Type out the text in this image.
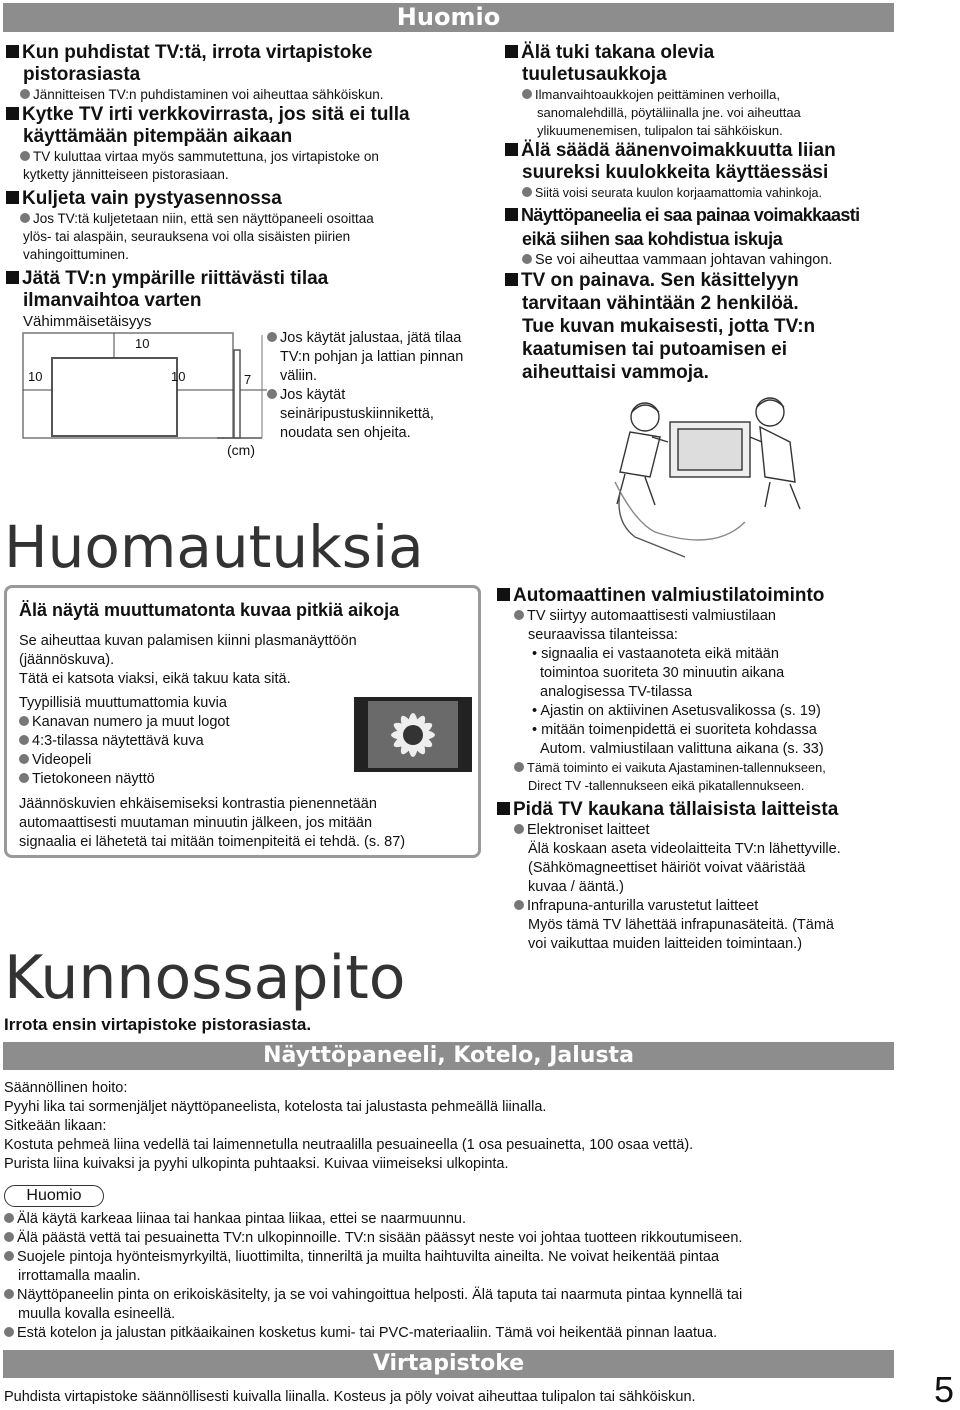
Huomio
Kun puhdistat TV:tä, irrota virtapistoke
pistorasiasta
Jännitteisen TV:n puhdistaminen voi aiheuttaa sähköiskun.
Kytke TV irti verkkovirrasta, jos sitä ei tulla
käyttämään pitempään aikaan
TV kuluttaa virtaa myös sammutettuna, jos virtapistoke on
kytketty jännitteiseen pistorasiaan.
Kuljeta vain pystyasennossa
Jos TV:tä kuljetetaan niin, että sen näyttöpaneeli osoittaa
ylös- tai alaspäin, seurauksena voi olla sisäisten piirien
vahingoittuminen.
Jätä TV:n ympärille riittävästi tilaa
ilmanvaihtoa varten
Vähimmäisetäisyys
10
10	10	7
(cm)
Jos käytät jalustaa, jätä tilaa
TV:n pohjan ja lattian pinnan
väliin.
Jos käytät
seinäripustuskiinnikettä,
noudata sen ohjeita.
Älä tuki takana olevia
tuuletusaukkoja
Ilmanvaihtoaukkojen peittäminen verhoilla,
sanomalehdillä, pöytäliinalla jne. voi aiheuttaa
ylikuumenemisen, tulipalon tai sähköiskun.
Älä säädä äänenvoimakkuutta liian
suureksi kuulokkeita käyttäessäsi
Siitä voisi seurata kuulon korjaamattomia vahinkoja.
Näyttöpaneelia ei saa painaa voimakkaasti
eikä siihen saa kohdistua iskuja
Se voi aiheuttaa vammaan johtavan vahingon.
TV on painava. Sen käsittelyyn
tarvitaan vähintään 2 henkilöä.
Tue kuvan mukaisesti, jotta TV:n
kaatumisen tai putoamisen ei
aiheuttaisi vammoja.
Huomautuksia
Älä näytä muuttumatonta kuvaa pitkiä aikoja
Se aiheuttaa kuvan palamisen kiinni plasmanäyttöön
(jäännöskuva).
Tätä ei katsota viaksi, eikä takuu kata sitä.
Tyypillisiä muuttumattomia kuvia
Kanavan numero ja muut logot
4:3-tilassa näytettävä kuva
Videopeli
Tietokoneen näyttö
Jäännöskuvien ehkäisemiseksi kontrastia pienennetään
automaattisesti muutaman minuutin jälkeen, jos mitään
signaalia ei lähetetä tai mitään toimenpiteitä ei tehdä. (s. 87)
Automaattinen valmiustilatoiminto
TV siirtyy automaattisesti valmiustilaan
seuraavissa tilanteissa:
• signaalia ei vastaanoteta eikä mitään
toimintoa suoriteta 30 minuutin aikana
analogisessa TV-tilassa
• Ajastin on aktiivinen Asetusvalikossa (s. 19)
• mitään toimenpidettä ei suoriteta kohdassa
Autom. valmiustilaan valittuna aikana (s. 33)
Tämä toiminto ei vaikuta Ajastaminen-tallennukseen,
Direct TV -tallennukseen eikä pikatallennukseen.
Pidä TV kaukana tällaisista laitteista
Elektroniset laitteet
Älä koskaan aseta videolaitteita TV:n lähettyville.
(Sähkömagneettiset häiriöt voivat vääristää
kuvaa / ääntä.)
Infrapuna-anturilla varustetut laitteet
Myös tämä TV lähettää infrapunasäteitä. (Tämä
voi vaikuttaa muiden laitteiden toimintaan.)
Kunnossapito
Irrota ensin virtapistoke pistorasiasta.
Näyttöpaneeli, Kotelo, Jalusta
Säännöllinen hoito:
Pyyhi lika tai sormenjäljet näyttöpaneelista, kotelosta tai jalustasta pehmeällä liinalla.
Sitkeään likaan:
Kostuta pehmeä liina vedellä tai laimennetulla neutraalilla pesuaineella (1 osa pesuainetta, 100 osaa vettä).
Purista liina kuivaksi ja pyyhi ulkopinta puhtaaksi. Kuivaa viimeiseksi ulkopinta.
Huomio
Älä käytä karkeaa liinaa tai hankaa pintaa liikaa, ettei se naarmuunnu.
Älä päästä vettä tai pesuainetta TV:n ulkopinnoille. TV:n sisään päässyt neste voi johtaa tuotteen rikkoutumiseen.
Suojele pintoja hyönteismyrkyiltä, liuottimilta, tinneriltä ja muilta haihtuvilta aineilta. Ne voivat heikentää pintaa
irrottamalla maalin.
Näyttöpaneelin pinta on erikoiskäsitelty, ja se voi vahingoittua helposti. Älä taputa tai naarmuta pintaa kynnellä tai
muulla kovalla esineellä.
Estä kotelon ja jalustan pitkäaikainen kosketus kumi- tai PVC-materiaaliin. Tämä voi heikentää pinnan laatua.
Virtapistoke
Puhdista virtapistoke säännöllisesti kuivalla liinalla. Kosteus ja pöly voivat aiheuttaa tulipalon tai sähköiskun.	5
